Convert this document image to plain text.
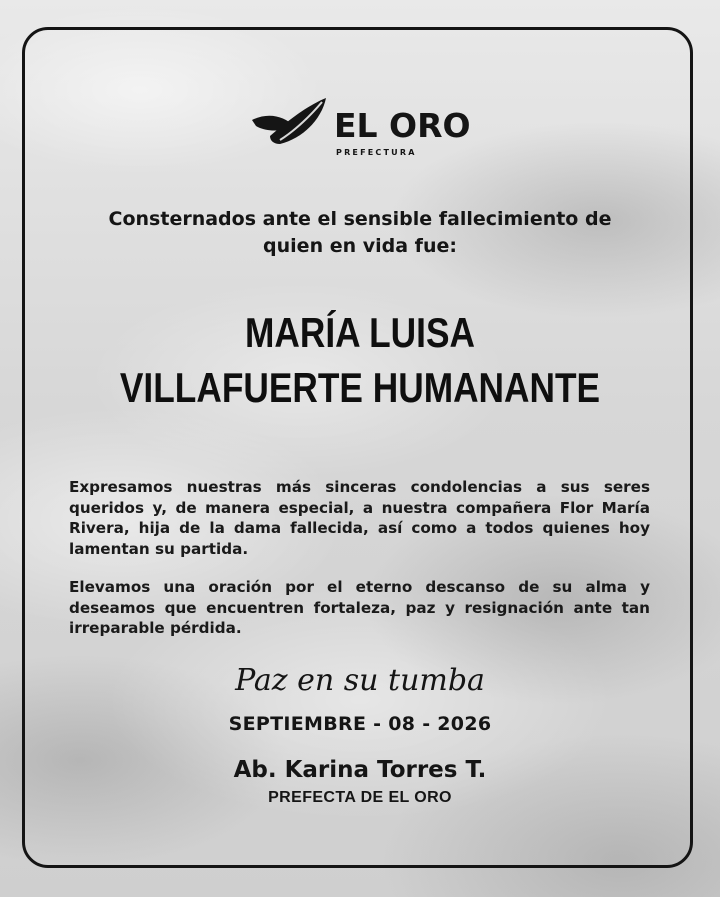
EL ORO
PREFECTURA
Consternados ante el sensible fallecimiento de quien en vida fue:
MARÍA LUISA
VILLAFUERTE HUMANANTE
Expresamos nuestras más sinceras condolencias a sus seres queridos y, de manera especial, a nuestra compañera Flor María Rivera, hija de la dama fallecida, así como a todos quienes hoy lamentan su partida.
Elevamos una oración por el eterno descanso de su alma y deseamos que encuentren fortaleza, paz y resignación ante tan irreparable pérdida.
Paz en su tumba
SEPTIEMBRE - 08 - 2026
Ab. Karina Torres T.
PREFECTA DE EL ORO
